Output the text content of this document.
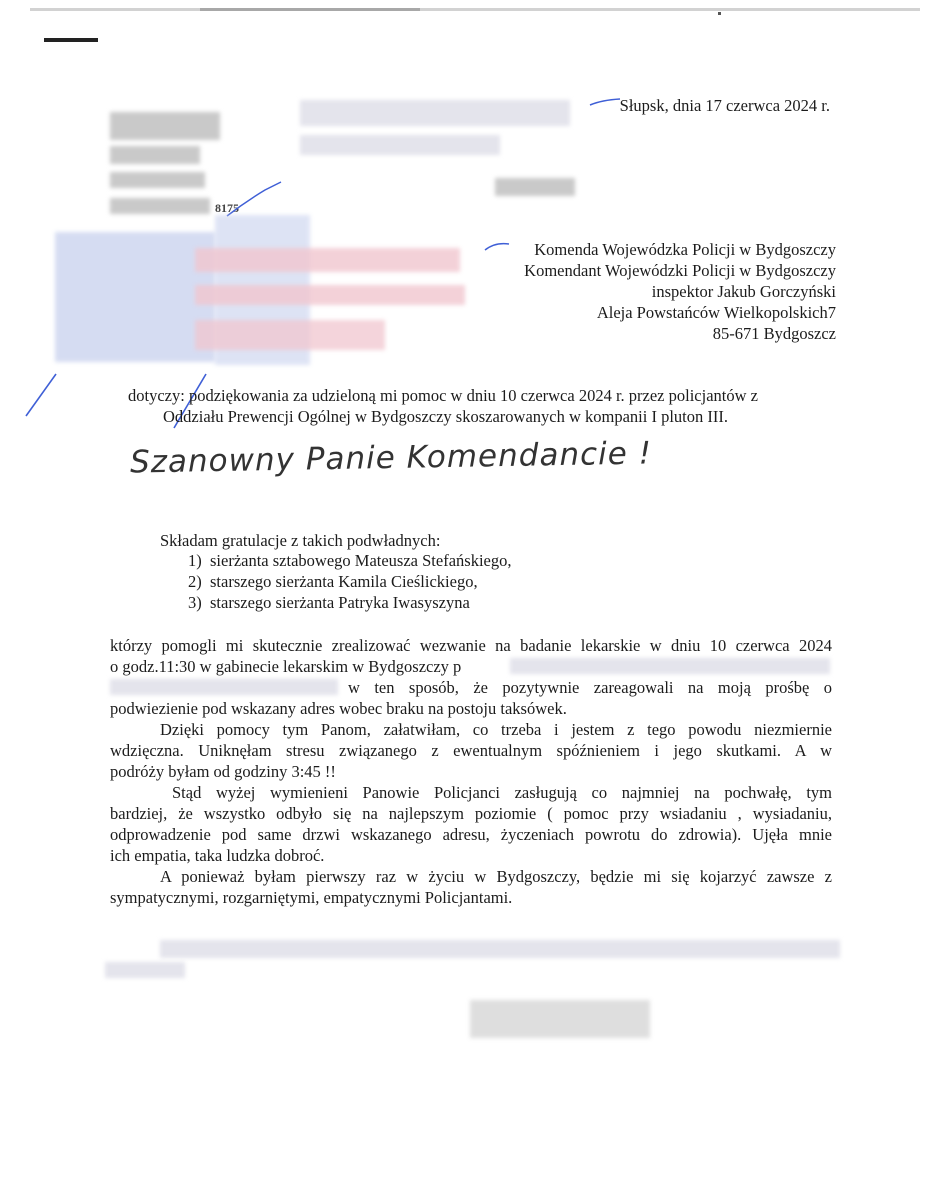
Słupsk, dnia 17 czerwca 2024 r.
8175
Komenda Wojewódzka Policji w Bydgoszczy
Komendant Wojewódzki Policji w Bydgoszczy
inspektor Jakub Gorczyński
Aleja Powstańców Wielkopolskich7
85-671 Bydgoszcz
dotyczy: podziękowania za udzieloną mi pomoc w dniu 10 czerwca 2024 r. przez policjantów z
Oddziału Prewencji Ogólnej w Bydgoszczy skoszarowanych w kompanii I pluton III.
Szanowny Panie Komendancie !
Składam gratulacje z takich podwładnych:
1) sierżanta sztabowego Mateusza Stefańskiego,
2) starszego sierżanta Kamila Cieślickiego,
3) starszego sierżanta Patryka Iwasyszyna
którzy pomogli mi skutecznie zrealizować wezwanie na badanie lekarskie w dniu 10 czerwca 2024
o godz.11:30 w gabinecie lekarskim w Bydgoszczy p
w ten sposób, że pozytywnie zareagowali na moją prośbę o
podwiezienie pod wskazany adres wobec braku na postoju taksówek.
Dzięki pomocy tym Panom, załatwiłam, co trzeba i jestem z tego powodu niezmiernie
wdzięczna. Uniknęłam stresu związanego z ewentualnym spóźnieniem i jego skutkami. A w
podróży byłam od godziny 3:45 !!
Stąd wyżej wymienieni Panowie Policjanci zasługują co najmniej na pochwałę, tym
bardziej, że wszystko odbyło się na najlepszym poziomie ( pomoc przy wsiadaniu , wysiadaniu,
odprowadzenie pod same drzwi wskazanego adresu, życzeniach powrotu do zdrowia). Ujęła mnie
ich empatia, taka ludzka dobroć.
A ponieważ byłam pierwszy raz w życiu w Bydgoszczy, będzie mi się kojarzyć zawsze z
sympatycznymi, rozgarniętymi, empatycznymi Policjantami.
